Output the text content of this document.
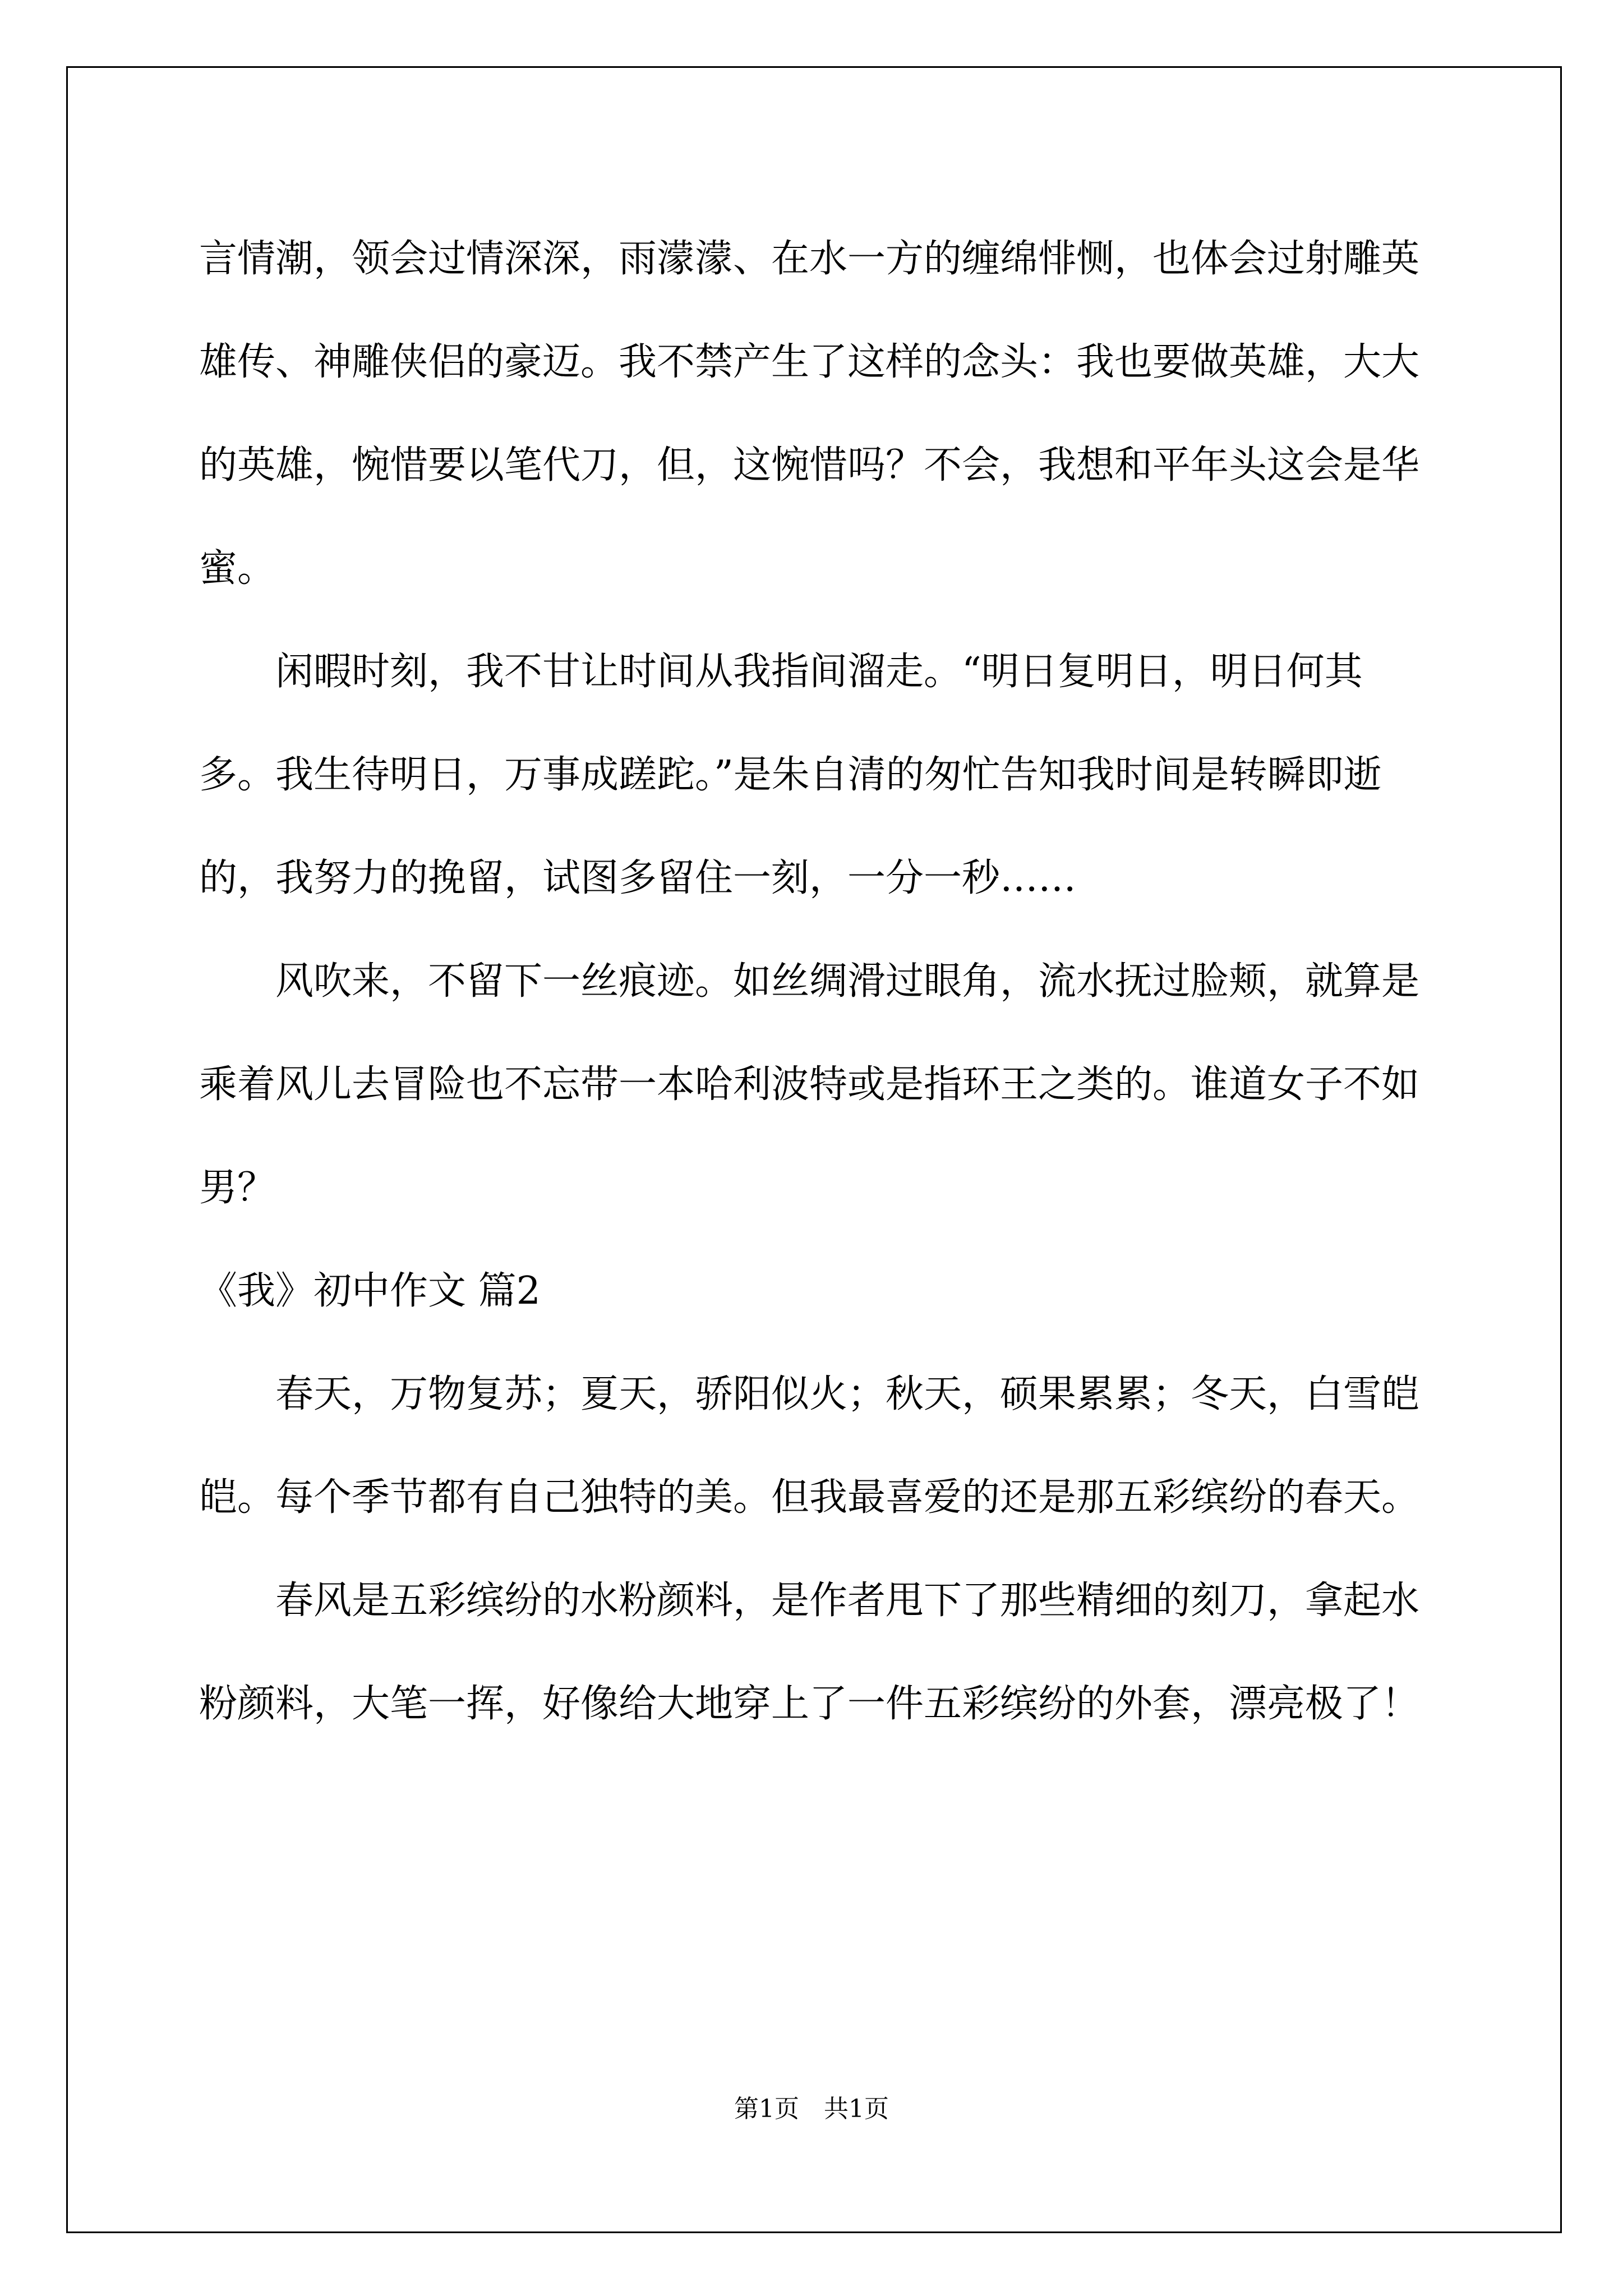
言情潮，领会过情深深，雨濛濛、在水一方的缠绵悱恻，也体会过射雕英雄传、神雕侠侣的豪迈。我不禁产生了这样的念头：我也要做英雄，大大的英雄，惋惜要以笔代刀，但，这惋惜吗？不会，我想和平年头这会是华蜜。

闲暇时刻，我不甘让时间从我指间溜走。“明日复明日，明日何其多。我生待明日，万事成蹉跎。”是朱自清的匆忙告知我时间是转瞬即逝的，我努力的挽留，试图多留住一刻，一分一秒……

风吹来，不留下一丝痕迹。如丝绸滑过眼角，流水抚过脸颊，就算是乘着风儿去冒险也不忘带一本哈利波特或是指环王之类的。谁道女子不如男？

《我》初中作文 篇2

春天，万物复苏；夏天，骄阳似火；秋天，硕果累累；冬天，白雪皑皑。每个季节都有自己独特的美。但我最喜爱的还是那五彩缤纷的春天。

春风是五彩缤纷的水粉颜料，是作者甩下了那些精细的刻刀，拿起水粉颜料，大笔一挥，好像给大地穿上了一件五彩缤纷的外套，漂亮极了！

第1页　共1页
